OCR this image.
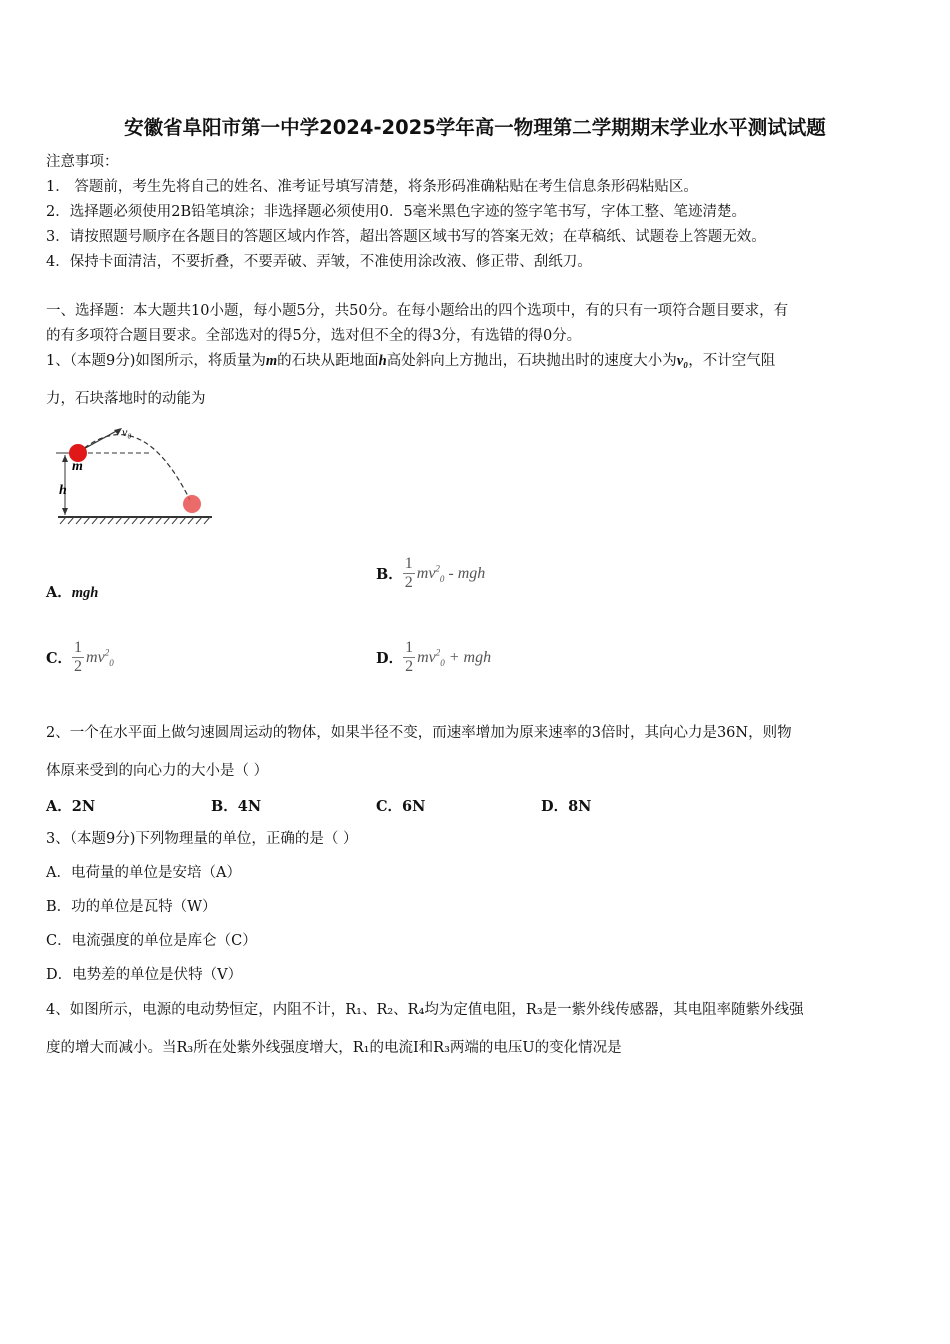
安徽省阜阳市第一中学2024-2025学年高一物理第二学期期末学业水平测试试题
注意事项：
1． 答题前，考生先将自己的姓名、准考证号填写清楚，将条形码准确粘贴在考生信息条形码粘贴区。
2．选择题必须使用2B铅笔填涂；非选择题必须使用0．5毫米黑色字迹的签字笔书写，字体工整、笔迹清楚。
3．请按照题号顺序在各题目的答题区域内作答，超出答题区域书写的答案无效；在草稿纸、试题卷上答题无效。
4．保持卡面清洁，不要折叠，不要弄破、弄皱，不准使用涂改液、修正带、刮纸刀。
一、选择题：本大题共10小题，每小题5分，共50分。在每小题给出的四个选项中，有的只有一项符合题目要求，有
的有多项符合题目要求。全部选对的得5分，选对但不全的得3分，有选错的得0分。
1、（本题9分)如图所示，将质量为m的石块从距地面h高处斜向上方抛出，石块抛出时的速度大小为v₀，不计空气阻
力，石块落地时的动能为
v₀
m
h
A．mgh
B． $\frac{1}{2} mv^2_0$ - mgh
C． $\frac{1}{2} mv^2_0$	D． $\frac{1}{2} mv^2_0$ + mgh
2、一个在水平面上做匀速圆周运动的物体，如果半径不变，而速率增加为原来速率的3倍时，其向心力是36N，则物
体原来受到的向心力的大小是（ ）
A．2N	B．4N	C．6N	D．8N
3、（本题9分)下列物理量的单位，正确的是（ ）
A．电荷量的单位是安培（A）
B．功的单位是瓦特（W）
C．电流强度的单位是库仑（C）
D．电势差的单位是伏特（V）
4、如图所示，电源的电动势恒定，内阻不计，R₁、R₂、R₄均为定值电阻，R₃是一紫外线传感器，其电阻率随紫外线强
度的增大而减小。当R₃所在处紫外线强度增大，R₁的电流I和R₃两端的电压U的变化情况是
